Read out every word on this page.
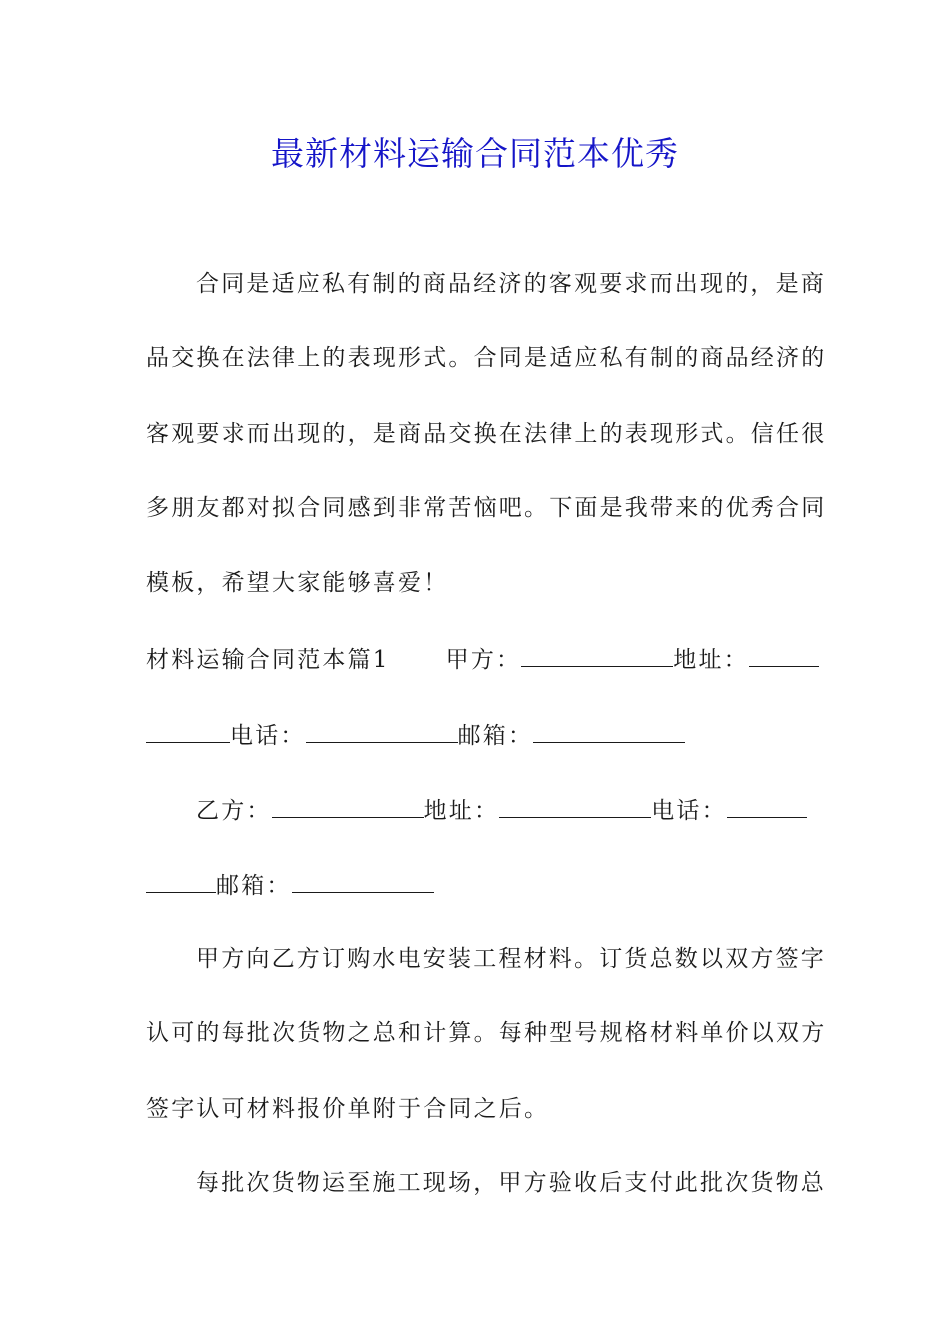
最新材料运输合同范本优秀
合同是适应私有制的商品经济的客观要求而出现的，是商
品交换在法律上的表现形式。合同是适应私有制的商品经济的
客观要求而出现的，是商品交换在法律上的表现形式。信任很
多朋友都对拟合同感到非常苦恼吧。下面是我带来的优秀合同
模板，希望大家能够喜爱！
材料运输合同范本篇1 甲方：	地址：
电话：	邮箱：
乙方：	地址：	电话：
邮箱：
甲方向乙方订购水电安装工程材料。订货总数以双方签字
认可的每批次货物之总和计算。每种型号规格材料单价以双方
签字认可材料报价单附于合同之后。
每批次货物运至施工现场，甲方验收后支付此批次货物总
